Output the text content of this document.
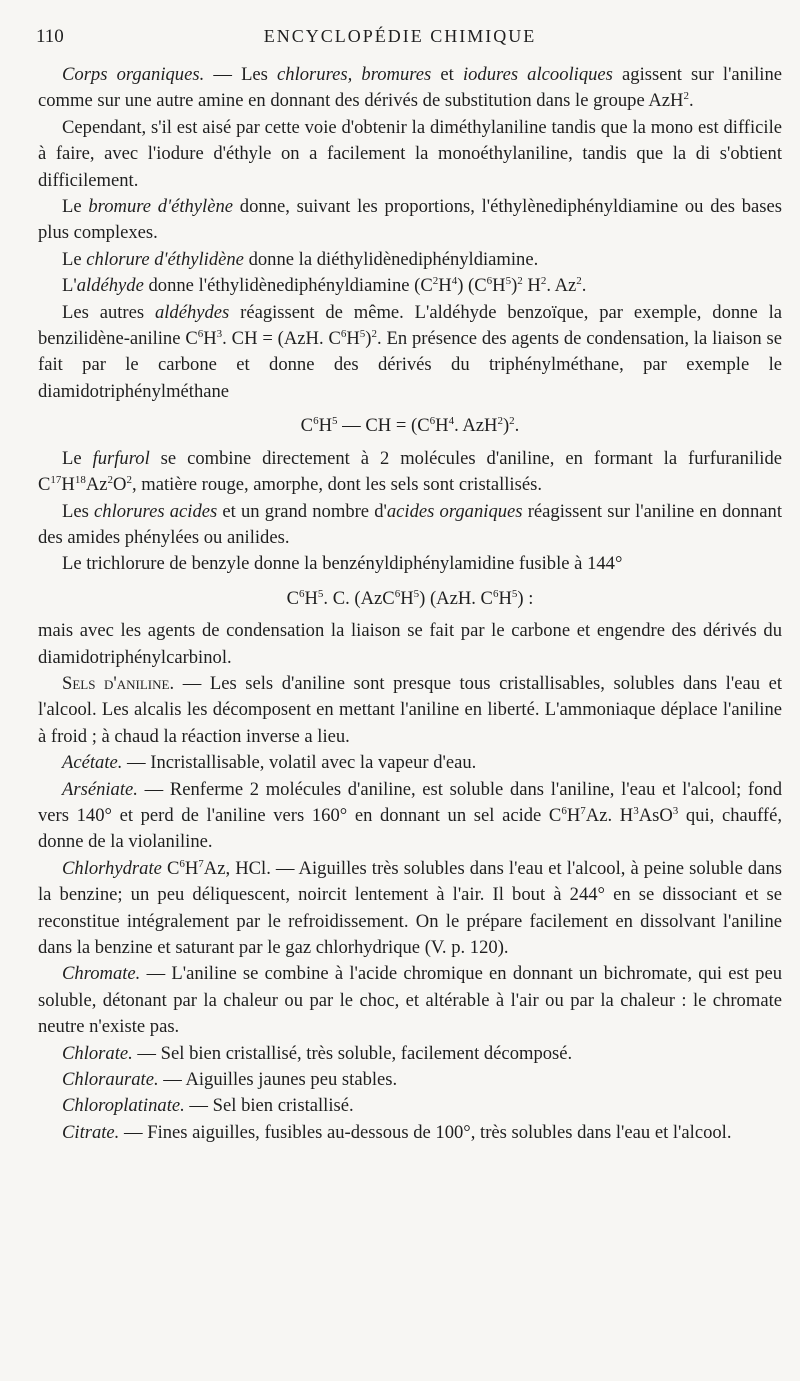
110	ENCYCLOPÉDIE CHIMIQUE

Corps organiques. — Les chlorures, bromures et iodures alcooliques agissent sur l'aniline comme sur une autre amine en donnant des dérivés de substitution dans le groupe AzH$^2$.

Cependant, s'il est aisé par cette voie d'obtenir la diméthylaniline tandis que la mono est difficile à faire, avec l'iodure d'éthyle on a facilement la monoéthylaniline, tandis que la di s'obtient difficilement.

Le bromure d'éthylène donne, suivant les proportions, l'éthylènediphényldiamine ou des bases plus complexes.

Le chlorure d'éthylidène donne la diéthylidènediphényldiamine.

L'aldéhyde donne l'éthylidènediphényldiamine $(C^2H^4)$ $(C^6H^5)^2$ $H^2$. Az$^2$.

Les autres aldéhydes réagissent de même. L'aldéhyde benzoïque, par exemple, donne la benzilidène-aniline $C^6H^3$. CH = (AzH. $C^6H^5)^2$. En présence des agents de condensation, la liaison se fait par le carbone et donne des dérivés du triphénylméthane, par exemple le diamidotriphénylméthane

$C^6H^5$ — CH = ($C^6H^4$. AzH$^2$)$^2$.

Le furfurol se combine directement à 2 molécules d'aniline, en formant la furfuranilide $C^{17}H^{18}Az^2O^2$, matière rouge, amorphe, dont les sels sont cristallisés.

Les chlorures acides et un grand nombre d'acides organiques réagissent sur l'aniline en donnant des amides phénylées ou anilides.

Le trichlorure de benzyle donne la benzényldiphénylamidine fusible à 144°

$C^6H^5$. C. $(AzC^6H^5)$ (AzH. $C^6H^5$) :

mais avec les agents de condensation la liaison se fait par le carbone et engendre des dérivés du diamidotriphénylcarbinol.

Sels d'aniline. — Les sels d'aniline sont presque tous cristallisables, solubles dans l'eau et l'alcool. Les alcalis les décomposent en mettant l'aniline en liberté. L'ammoniaque déplace l'aniline à froid ; à chaud la réaction inverse a lieu.

Acétate. — Incristallisable, volatil avec la vapeur d'eau.

Arséniate. — Renferme 2 molécules d'aniline, est soluble dans l'aniline, l'eau et l'alcool; fond vers 140° et perd de l'aniline vers 160° en donnant un sel acide $C^6H^7Az$. $H^3AsO^3$ qui, chauffé, donne de la violaniline.

Chlorhydrate $C^6H^7Az$, HCl. — Aiguilles très solubles dans l'eau et l'alcool, à peine soluble dans la benzine; un peu déliquescent, noircit lentement à l'air. Il bout à 244° en se dissociant et se reconstitue intégralement par le refroidissement. On le prépare facilement en dissolvant l'aniline dans la benzine et saturant par le gaz chlorhydrique (V. p. 120).

Chromate. — L'aniline se combine à l'acide chromique en donnant un bichromate, qui est peu soluble, détonant par la chaleur ou par le choc, et altérable à l'air ou par la chaleur : le chromate neutre n'existe pas.

Chlorate. — Sel bien cristallisé, très soluble, facilement décomposé.

Chloraurate. — Aiguilles jaunes peu stables.

Chloroplatinate. — Sel bien cristallisé.

Citrate. — Fines aiguilles, fusibles au-dessous de 100°, très solubles dans l'eau et l'alcool.
